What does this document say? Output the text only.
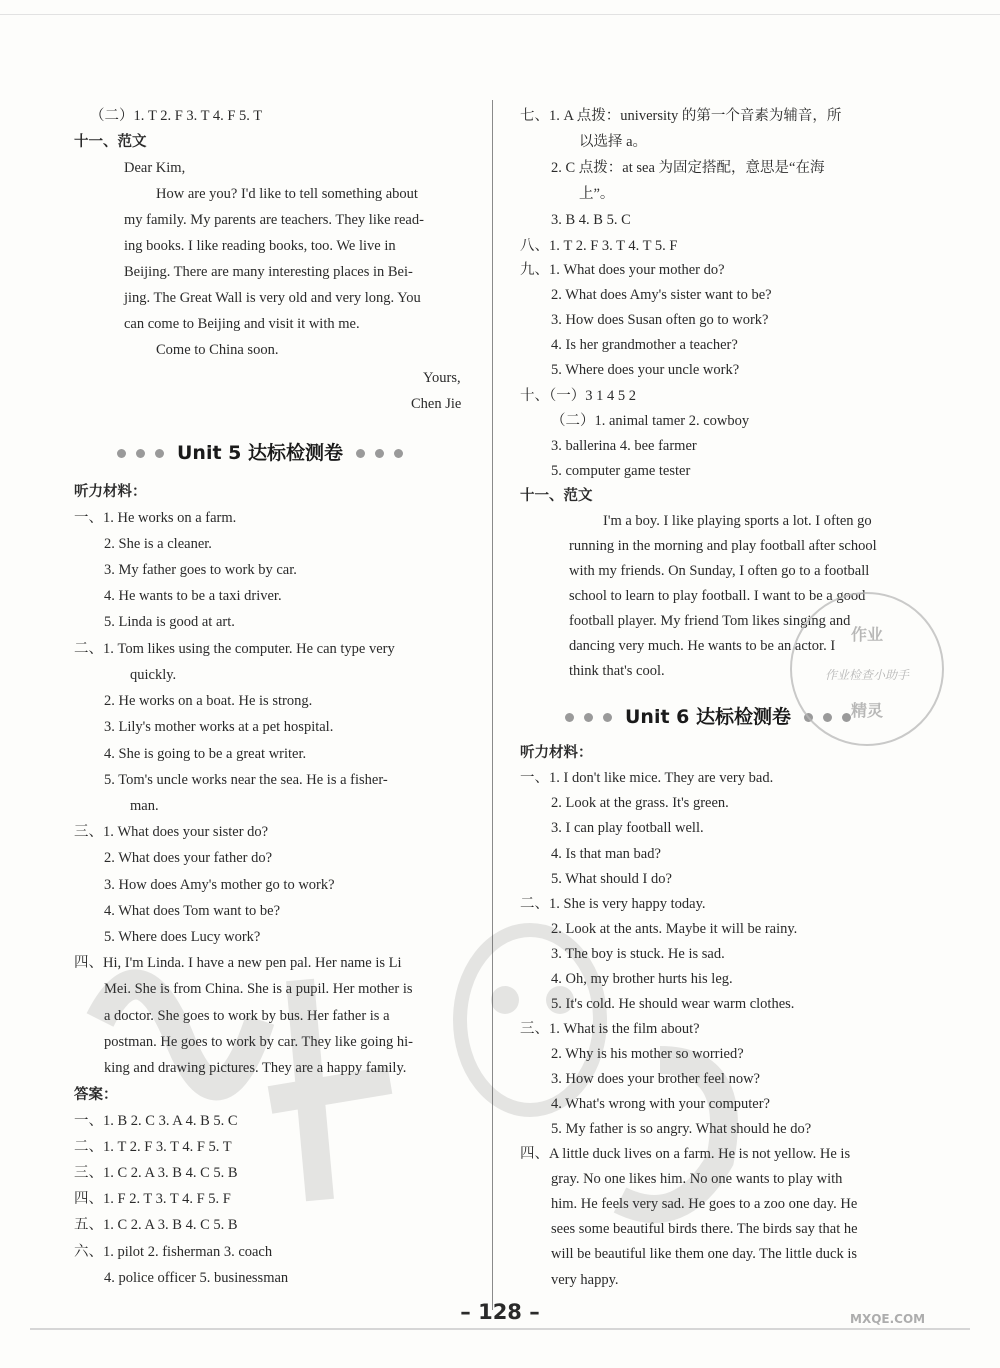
（二）1. T 2. F 3. T 4. F 5. T
十一、范文
Dear Kim,
How are you? I'd like to tell something about
my family. My parents are teachers. They like read-
ing books. I like reading books, too. We live in
Beijing. There are many interesting places in Bei-
jing. The Great Wall is very old and very long. You
can come to Beijing and visit it with me.
Come to China soon.
Yours,
Chen Jie
听力材料：
一、1. He works on a farm.
2. She is a cleaner.
3. My father goes to work by car.
4. He wants to be a taxi driver.
5. Linda is good at art.
二、1. Tom likes using the computer. He can type very
quickly.
2. He works on a boat. He is strong.
3. Lily's mother works at a pet hospital.
4. She is going to be a great writer.
5. Tom's uncle works near the sea. He is a fisher-
man.
三、1. What does your sister do?
2. What does your father do?
3. How does Amy's mother go to work?
4. What does Tom want to be?
5. Where does Lucy work?
四、Hi, I'm Linda. I have a new pen pal. Her name is Li
Mei. She is from China. She is a pupil. Her mother is
a doctor. She goes to work by bus. Her father is a
postman. He goes to work by car. They like going hi-
king and drawing pictures. They are a happy family.
答案：
一、1. B 2. C 3. A 4. B 5. C
二、1. T 2. F 3. T 4. F 5. T
三、1. C 2. A 3. B 4. C 5. B
四、1. F 2. T 3. T 4. F 5. F
五、1. C 2. A 3. B 4. C 5. B
六、1. pilot 2. fisherman 3. coach
4. police officer 5. businessman
Unit 5 达标检测卷
七、1. A 点拨：university 的第一个音素为辅音，所
以选择 a。
2. C 点拨：at sea 为固定搭配，意思是“在海
上”。
3. B 4. B 5. C
八、1. T 2. F 3. T 4. T 5. F
九、1. What does your mother do?
2. What does Amy's sister want to be?
3. How does Susan often go to work?
4. Is her grandmother a teacher?
5. Where does your uncle work?
十、（一）3 1 4 5 2
（二）1. animal tamer 2. cowboy
3. ballerina 4. bee farmer
5. computer game tester
十一、范文
I'm a boy. I like playing sports a lot. I often go
running in the morning and play football after school
with my friends. On Sunday, I often go to a football
school to learn to play football. I want to be a good
football player. My friend Tom likes singing and
dancing very much. He wants to be an actor. I
think that's cool.
听力材料：
一、1. I don't like mice. They are very bad.
2. Look at the grass. It's green.
3. I can play football well.
4. Is that man bad?
5. What should I do?
二、1. She is very happy today.
2. Look at the ants. Maybe it will be rainy.
3. The boy is stuck. He is sad.
4. Oh, my brother hurts his leg.
5. It's cold. He should wear warm clothes.
三、1. What is the film about?
2. Why is his mother so worried?
3. How does your brother feel now?
4. What's wrong with your computer?
5. My father is so angry. What should he do?
四、A little duck lives on a farm. He is not yellow. He is
gray. No one likes him. No one wants to play with
him. He feels very sad. He goes to a zoo one day. He
sees some beautiful birds there. The birds say that he
will be beautiful like them one day. The little duck is
very happy.
Unit 6 达标检测卷
作业
作业检查小助手
精灵
– 128 –	MXQE.COM
